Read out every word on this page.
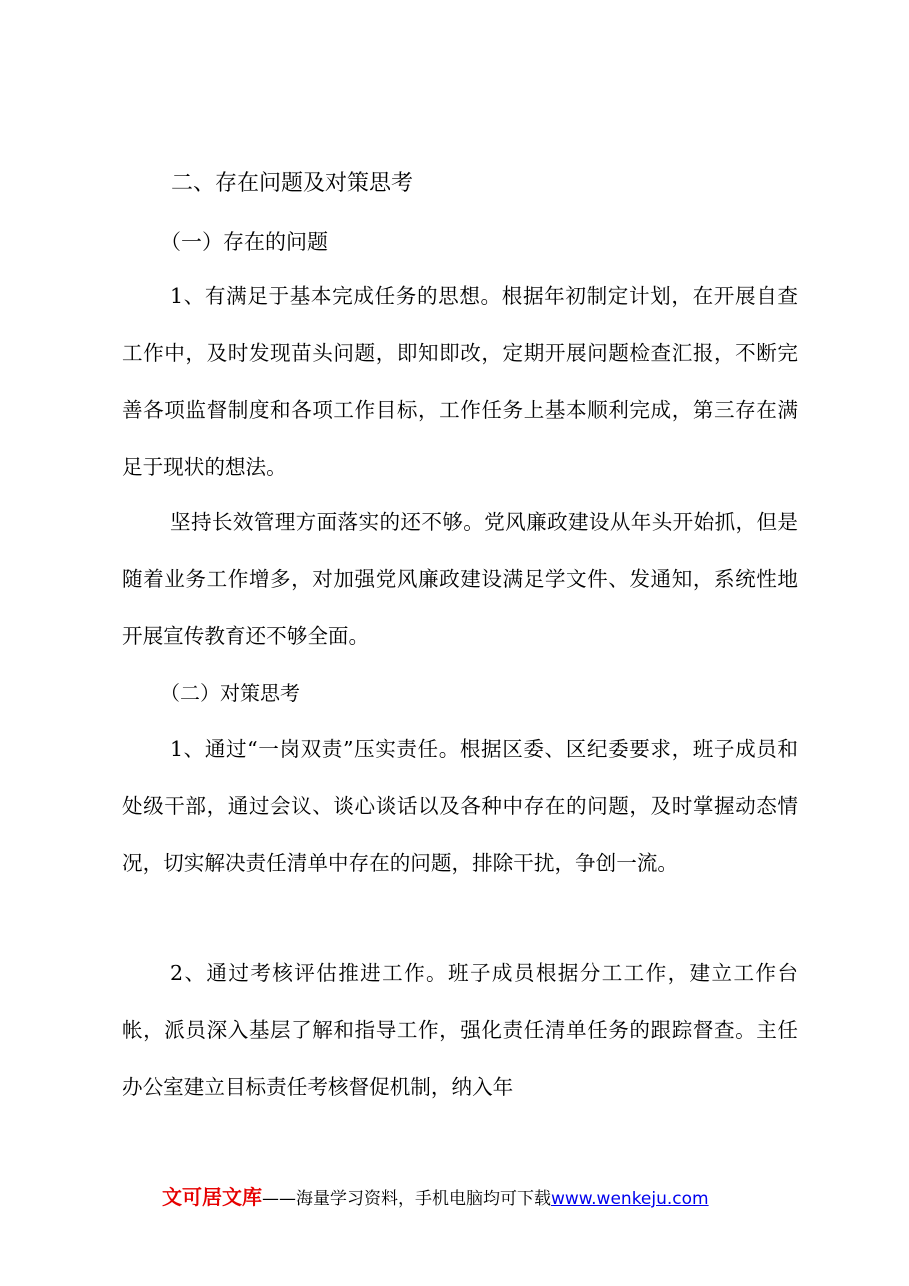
二、存在问题及对策思考
（一）存在的问题

1、有满足于基本完成任务的思想。根据年初制定计划，在开展自查工作中，及时发现苗头问题，即知即改，定期开展问题检查汇报，不断完善各项监督制度和各项工作目标，工作任务上基本顺利完成，第三存在满足于现状的想法。

坚持长效管理方面落实的还不够。党风廉政建设从年头开始抓，但是随着业务工作增多，对加强党风廉政建设满足学文件、发通知，系统性地开展宣传教育还不够全面。

（二）对策思考

1、通过“一岗双责”压实责任。根据区委、区纪委要求，班子成员和处级干部，通过会议、谈心谈话以及各种中存在的问题，及时掌握动态情况，切实解决责任清单中存在的问题，排除干扰，争创一流。

2、通过考核评估推进工作。班子成员根据分工工作，建立工作台帐，派员深入基层了解和指导工作，强化责任清单任务的跟踪督查。主任办公室建立目标责任考核督促机制，纳入年

文可居文库——海量学习资料，手机电脑均可下载www.wenkeju.com
